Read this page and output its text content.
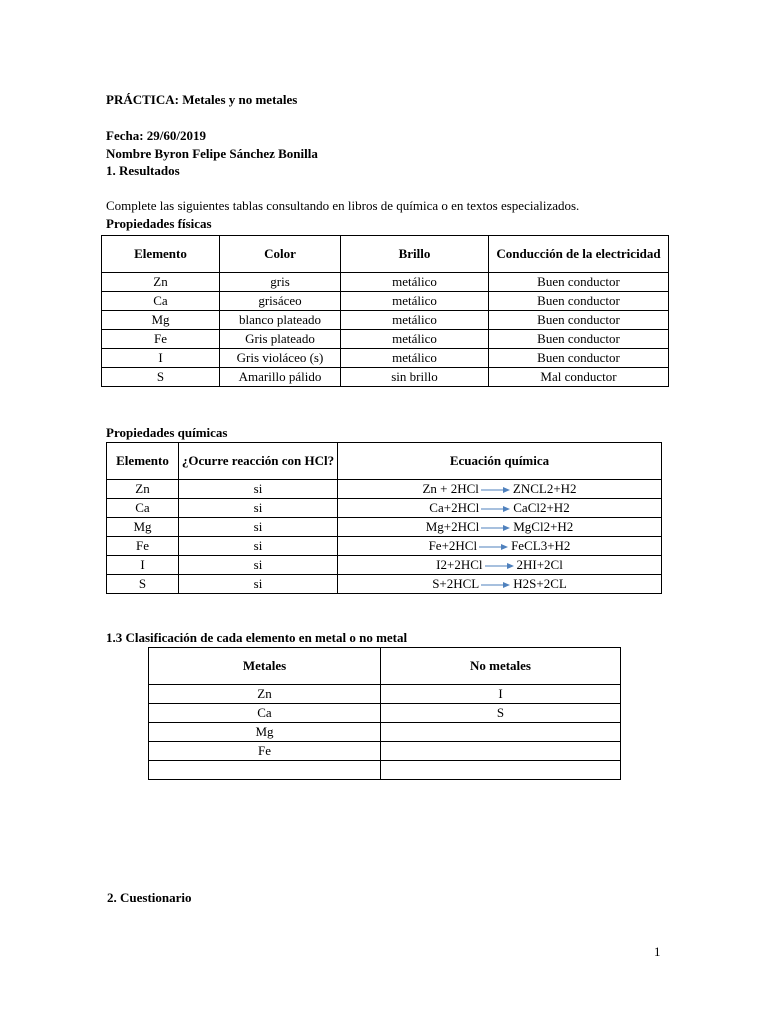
PRÁCTICA: Metales y no metales
Fecha: 29/60/2019
Nombre Byron Felipe Sánchez Bonilla
1. Resultados
Complete las siguientes tablas consultando en libros de química o en textos especializados.
Propiedades físicas
Elemento	Color	Brillo	Conducción de la electricidad
Zn	gris	metálico	Buen conductor
Ca	grisáceo	metálico	Buen conductor
Mg	blanco plateado	metálico	Buen conductor
Fe	Gris plateado	metálico	Buen conductor
I	Gris violáceo (s)	metálico	Buen conductor
S	Amarillo pálido	sin brillo	Mal conductor
Propiedades químicas
Elemento	¿Ocurre reacción con HCl?	Ecuación química
Zn	si	Zn + 2HCl → ZNCL2+H2
Ca	si	Ca+2HCl → CaCl2+H2
Mg	si	Mg+2HCl → MgCl2+H2
Fe	si	Fe+2HCl → FeCL3+H2
I	si	I2+2HCl → 2HI+2Cl
S	si	S+2HCL → H2S+2CL
1.3 Clasificación de cada elemento en metal o no metal
Metales	No metales
Zn	I
Ca	S
Mg	
Fe	

2. Cuestionario
1
